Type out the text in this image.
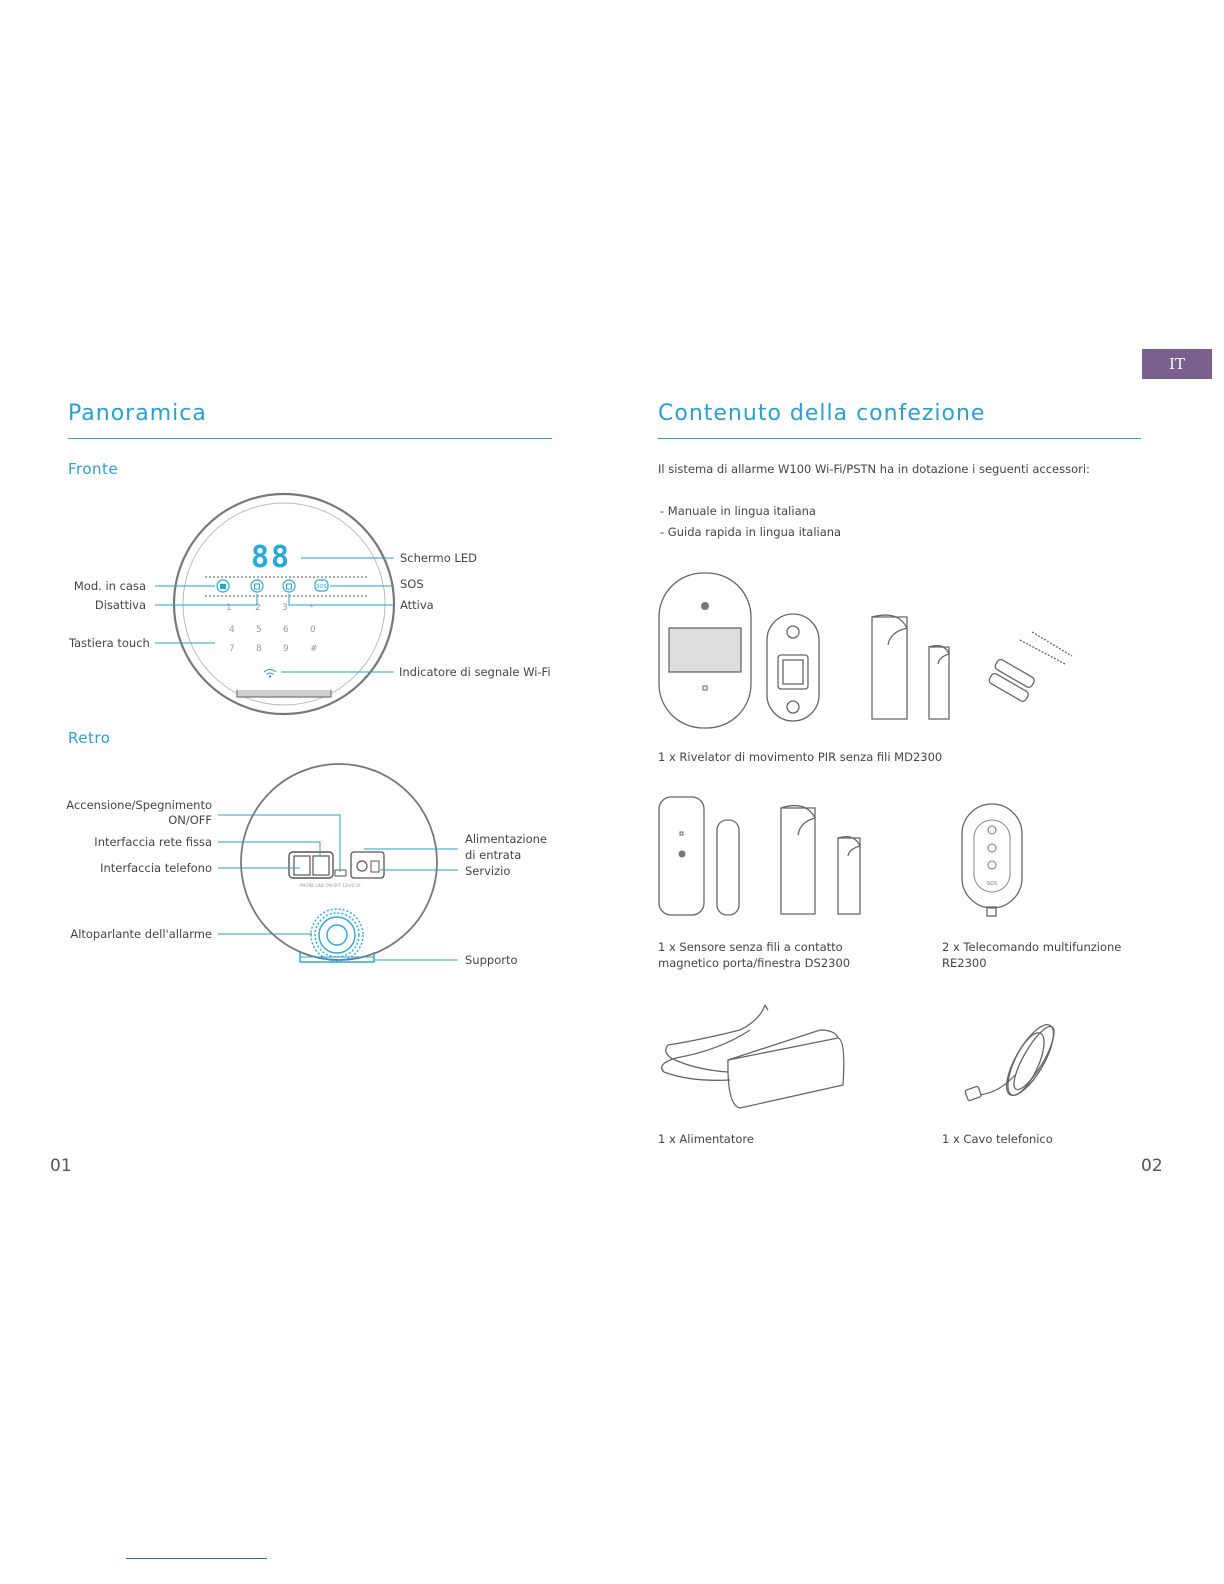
IT
Panoramica
Fronte
88
SOS
1	2 3 *
4 5 6 0
7 8 9 #
Schermo LED
Mod. in casa	SOS
Disattiva	Attiva
Tastiera touch
Indicatore di segnale Wi-Fi
Retro
PHONE LINE ON-OFF 12V/0.5A
Accensione/Spegnimento
ON/OFF
Interfaccia rete fissa
Interfaccia telefono
Altoparlante dell'allarme
Alimentazione
di entrata
Servizio
Supporto
01
Contenuto della confezione
Il sistema di allarme W100 Wi-Fi/PSTN ha in dotazione i seguenti accessori:
- Manuale in lingua italiana
- Guida rapida in lingua italiana
1 x Rivelator di movimento PIR senza fili MD2300
1 x Sensore senza fili a contatto
magnetico porta/finestra DS2300
SOS
2 x Telecomando multifunzione
RE2300
1 x Alimentatore	1 x Cavo telefonico
02
